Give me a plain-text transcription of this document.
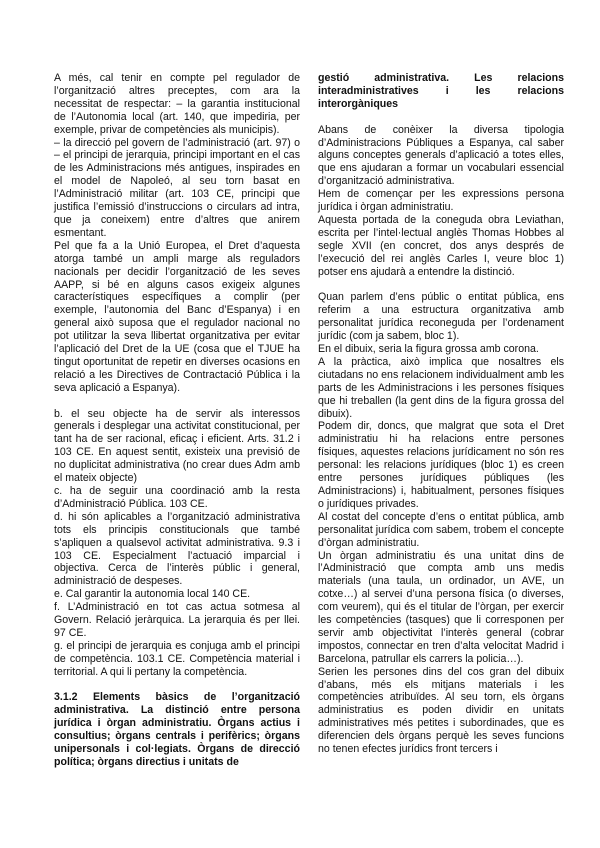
A més, cal tenir en compte pel regulador de l’organització altres preceptes, com ara la necessitat de respectar: – la garantia institucional de l’Autonomia local (art. 140, que impediria, per exemple, privar de competències als municipis).

– la direcció pel govern de l’administració (art. 97) o – el principi de jerarquia, principi important en el cas de les Administracions més antigues, inspirades en el model de Napoleó, al seu torn basat en l’Administració militar (art. 103 CE, principi que justifica l’emissió d’instruccions o circulars ad intra, que ja coneixem) entre d’altres que anirem esmentant.

Pel que fa a la Unió Europea, el Dret d’aquesta atorga també un ampli marge als reguladors nacionals per decidir l’organització de les seves AAPP, si bé en alguns casos exigeix algunes característiques específiques a complir (per exemple, l’autonomia del Banc d’Espanya) i en general això suposa que el regulador nacional no pot utilitzar la seva llibertat organitzativa per evitar l’aplicació del Dret de la UE (cosa que el TJUE ha tingut oportunitat de repetir en diverses ocasions en relació a les Directives de Contractació Pública i la seva aplicació a Espanya).

b. el seu objecte ha de servir als interessos generals i desplegar una activitat constitucional, per tant ha de ser racional, eficaç i eficient. Arts. 31.2 i 103 CE. En aquest sentit, existeix una previsió de no duplicitat administrativa (no crear dues Adm amb el mateix objecte)

c. ha de seguir una coordinació amb la resta d’Administració Pública. 103 CE.

d. hi són aplicables a l’organització administrativa tots els principis constitucionals que també s’apliquen a qualsevol activitat administrativa. 9.3 i 103 CE. Especialment l’actuació imparcial i objectiva. Cerca de l’interès públic i general, administració de despeses.

e. Cal garantir la autonomia local 140 CE.

f. L’Administració en tot cas actua sotmesa al Govern. Relació jeràrquica. La jerarquia és per llei. 97 CE.

g. el principi de jerarquia es conjuga amb el principi de competència. 103.1 CE. Competència material i territorial. A qui li pertany la competència.

3.1.2 Elements bàsics de l’organització administrativa. La distinció entre persona jurídica i òrgan administratiu. Òrgans actius i consultius; òrgans centrals i perifèrics; òrgans unipersonals i col·legiats. Òrgans de direcció política; òrgans directius i unitats de

gestió administrativa. Les relacions interadministratives i les relacions interorgàniques

Abans de conèixer la diversa tipologia d’Administracions Públiques a Espanya, cal saber alguns conceptes generals d’aplicació a totes elles, que ens ajudaran a formar un vocabulari essencial d’organització administrativa.

Hem de començar per les expressions persona jurídica i òrgan administratiu.

Aquesta portada de la coneguda obra Leviathan, escrita per l’intel·lectual anglès Thomas Hobbes al segle XVII (en concret, dos anys després de l’execució del rei anglès Carles I, veure bloc 1) potser ens ajudarà a entendre la distinció.

Quan parlem d’ens públic o entitat pública, ens referim a una estructura organitzativa amb personalitat jurídica reconeguda per l’ordenament jurídic (com ja sabem, bloc 1).

En el dibuix, seria la figura grossa amb corona.

A la pràctica, això implica que nosaltres els ciutadans no ens relacionem individualment amb les parts de les Administracions i les persones físiques que hi treballen (la gent dins de la figura grossa del dibuix).

Podem dir, doncs, que malgrat que sota el Dret administratiu hi ha relacions entre persones físiques, aquestes relacions jurídicament no són res personal: les relacions jurídiques (bloc 1) es creen entre persones jurídiques públiques (les Administracions) i, habitualment, persones físiques o jurídiques privades.

Al costat del concepte d’ens o entitat pública, amb personalitat jurídica com sabem, trobem el concepte d’òrgan administratiu.

Un òrgan administratiu és una unitat dins de l’Administració que compta amb uns medis materials (una taula, un ordinador, un AVE, un cotxe…) al servei d’una persona física (o diverses, com veurem), qui és el titular de l’òrgan, per exercir les competències (tasques) que li corresponen per servir amb objectivitat l’interès general (cobrar impostos, connectar en tren d’alta velocitat Madrid i Barcelona, patrullar els carrers la policia…).

Serien les persones dins del cos gran del dibuix d’abans, més els mitjans materials i les competències atribuïdes. Al seu torn, els òrgans administratius es poden dividir en unitats administratives més petites i subordinades, que es diferencien dels òrgans perquè les seves funcions no tenen efectes jurídics front tercers i
